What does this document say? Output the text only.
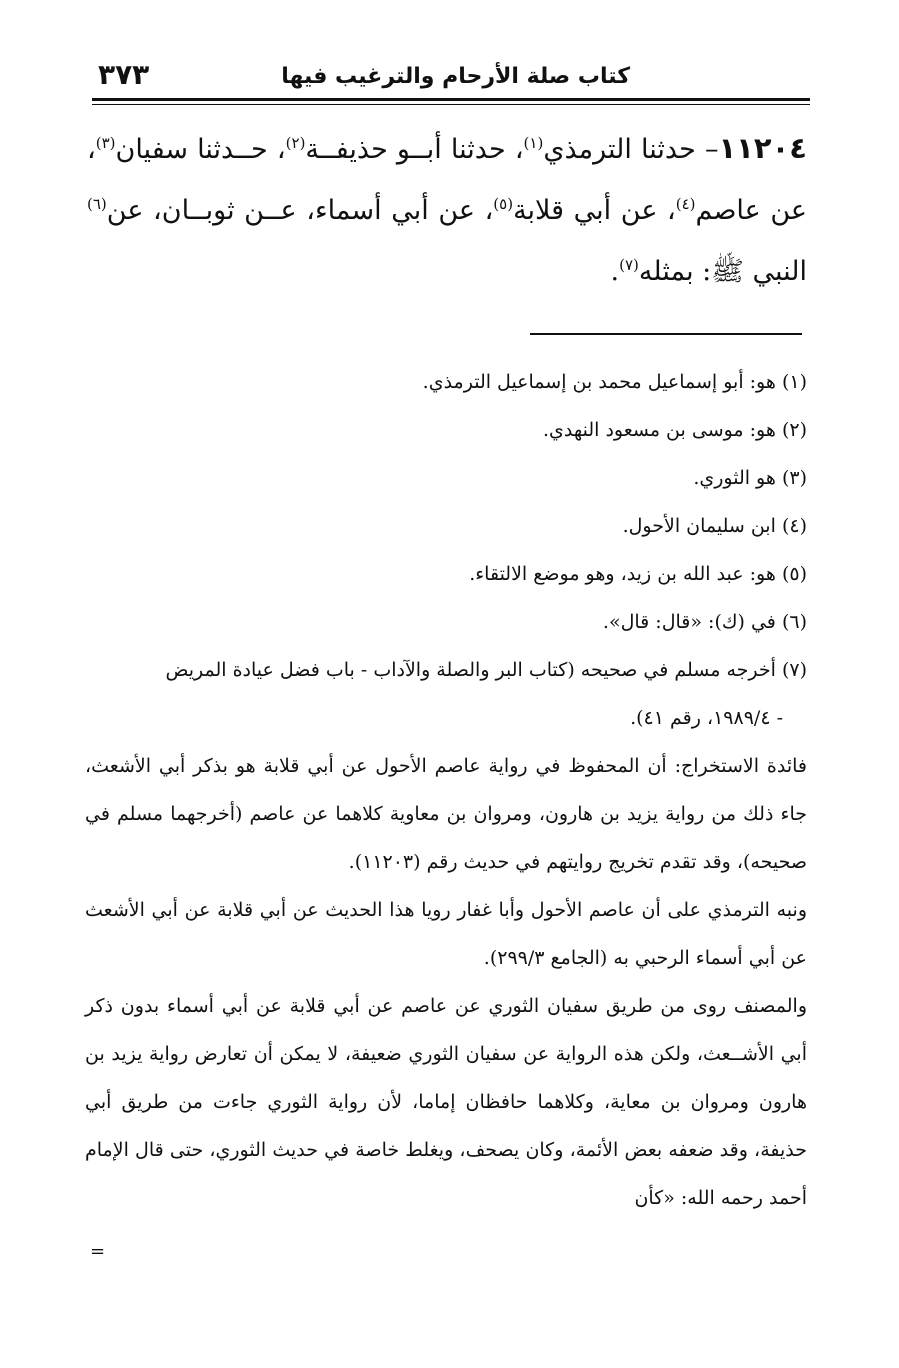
كتاب صلة الأرحام والترغيب فيها
٣٧٣
١١٢٠٤– حدثنا الترمذي$^{(١)}$، حدثنا أبــو حذيفــة$^{(٢)}$، حــدثنا سفيان$^{(٣)}$، عن عاصم$^{(٤)}$، عن أبي قلابة$^{(٥)}$، عن أبي أسماء، عــن ثوبــان، عن$^{(٦)}$ النبي ﷺ: بمثله$^{(٧)}$.

(١) هو: أبو إسماعيل محمد بن إسماعيل الترمذي.

(٢) هو: موسى بن مسعود النهدي.

(٣) هو الثوري.

(٤) ابن سليمان الأحول.

(٥) هو: عبد الله بن زيد، وهو موضع الالتقاء.

(٦) في (ك): «قال: قال».

(٧) أخرجه مسلم في صحيحه (كتاب البر والصلة والآداب - باب فضل عيادة المريض

- ١٩٨٩/٤، رقم ٤١).

فائدة الاستخراج: أن المحفوظ في رواية عاصم الأحول عن أبي قلابة هو بذكر أبي الأشعث، جاء ذلك من رواية يزيد بن هارون، ومروان بن معاوية كلاهما عن عاصم (أخرجهما مسلم في صحيحه)، وقد تقدم تخريج روايتهم في حديث رقم (١١٢٠٣).

ونبه الترمذي على أن عاصم الأحول وأبا غفار رويا هذا الحديث عن أبي قلابة عن أبي الأشعث عن أبي أسماء الرحبي به (الجامع ٢٩٩/٣).

والمصنف روى من طريق سفيان الثوري عن عاصم عن أبي قلابة عن أبي أسماء بدون ذكر أبي الأشــعث، ولكن هذه الرواية عن سفيان الثوري ضعيفة، لا يمكن أن تعارض رواية يزيد بن هارون ومروان بن معاية، وكلاهما حافظان إماما، لأن رواية الثوري جاءت من طريق أبي حذيفة، وقد ضعفه بعض الأئمة، وكان يصحف، ويغلط خاصة في حديث الثوري، حتى قال الإمام أحمد رحمه الله: «كأن

=
